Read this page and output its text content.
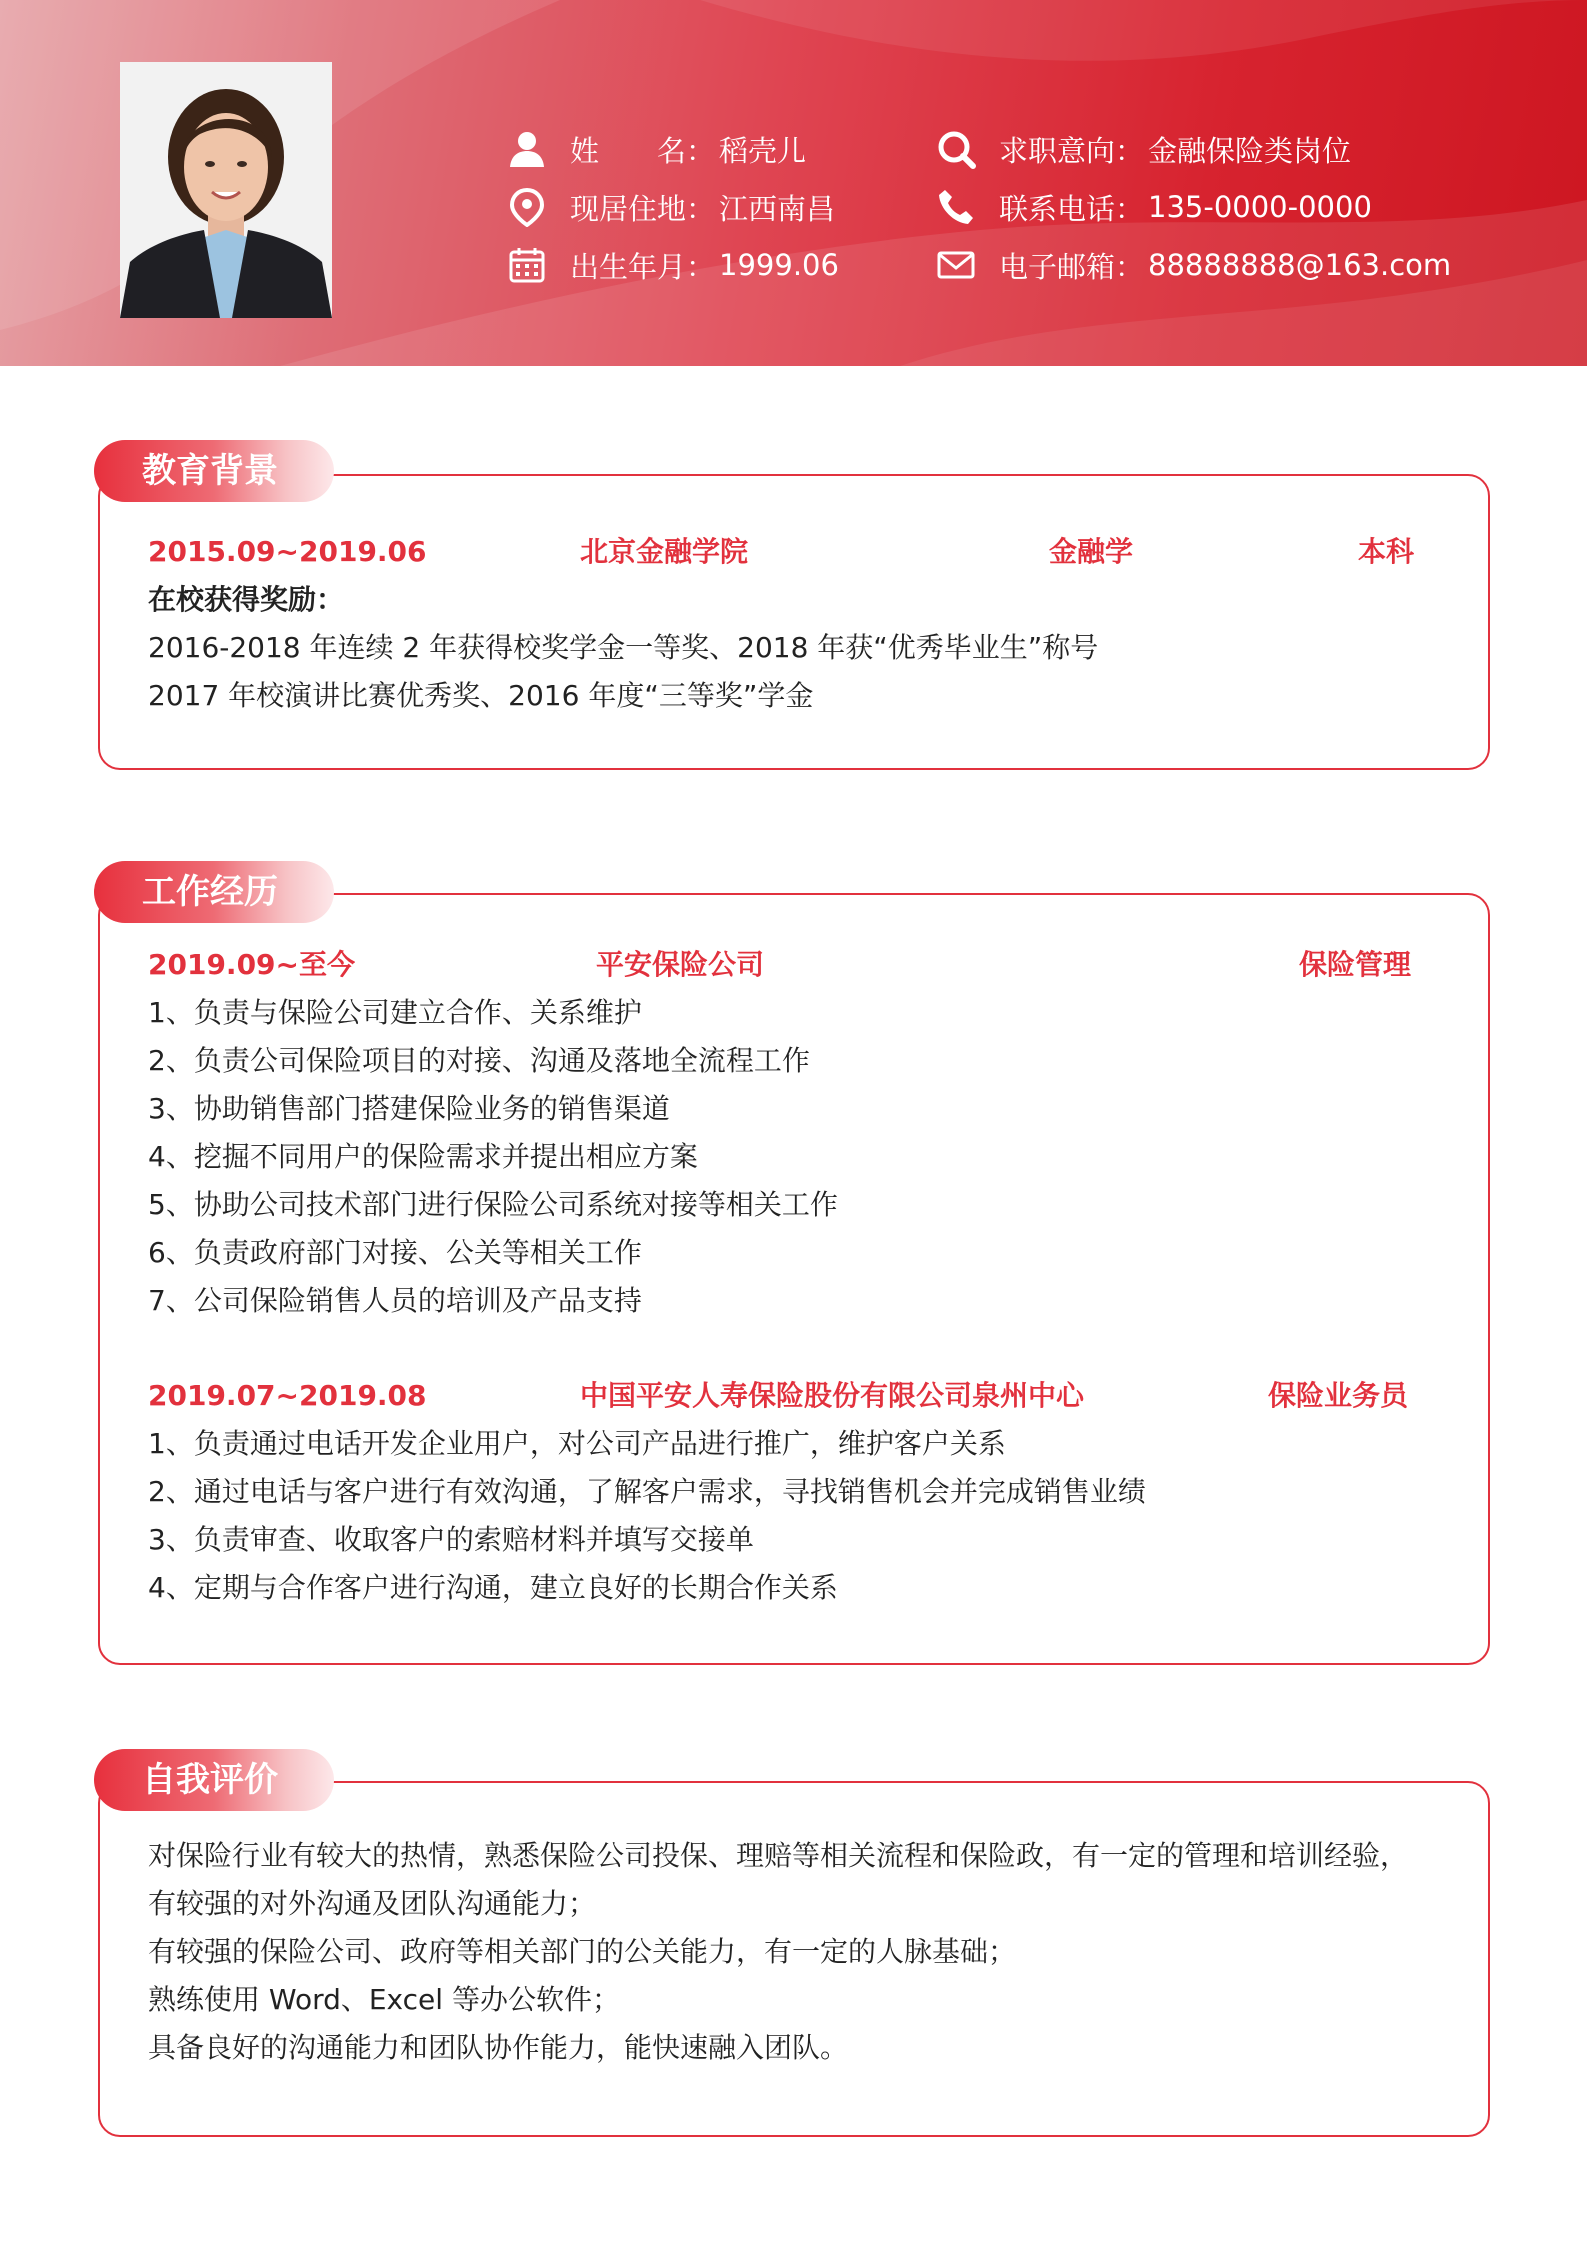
姓　　名： 稻壳儿
现居住地： 江西南昌
出生年月： 1999.06
求职意向： 金融保险类岗位
联系电话： 135-0000-0000
电子邮箱： 88888888@163.com
教育背景
2015.09~2019.06	北京金融学院	金融学	本科
在校获得奖励：
2016-2018 年连续 2 年获得校奖学金一等奖、2018 年获“优秀毕业生”称号
2017 年校演讲比赛优秀奖、2016 年度“三等奖”学金
工作经历
2019.09~至今	平安保险公司	保险管理
1、负责与保险公司建立合作、关系维护
2、负责公司保险项目的对接、沟通及落地全流程工作
3、协助销售部门搭建保险业务的销售渠道
4、挖掘不同用户的保险需求并提出相应方案
5、协助公司技术部门进行保险公司系统对接等相关工作
6、负责政府部门对接、公关等相关工作
7、公司保险销售人员的培训及产品支持
2019.07~2019.08	中国平安人寿保险股份有限公司泉州中心	保险业务员
1、负责通过电话开发企业用户，对公司产品进行推广，维护客户关系
2、通过电话与客户进行有效沟通，了解客户需求，寻找销售机会并完成销售业绩
3、负责审查、收取客户的索赔材料并填写交接单
4、定期与合作客户进行沟通，建立良好的长期合作关系
自我评价
对保险行业有较大的热情，熟悉保险公司投保、理赔等相关流程和保险政，有一定的管理和培训经验，
有较强的对外沟通及团队沟通能力；
有较强的保险公司、政府等相关部门的公关能力，有一定的人脉基础；
熟练使用 Word、Excel 等办公软件；
具备良好的沟通能力和团队协作能力，能快速融入团队。
